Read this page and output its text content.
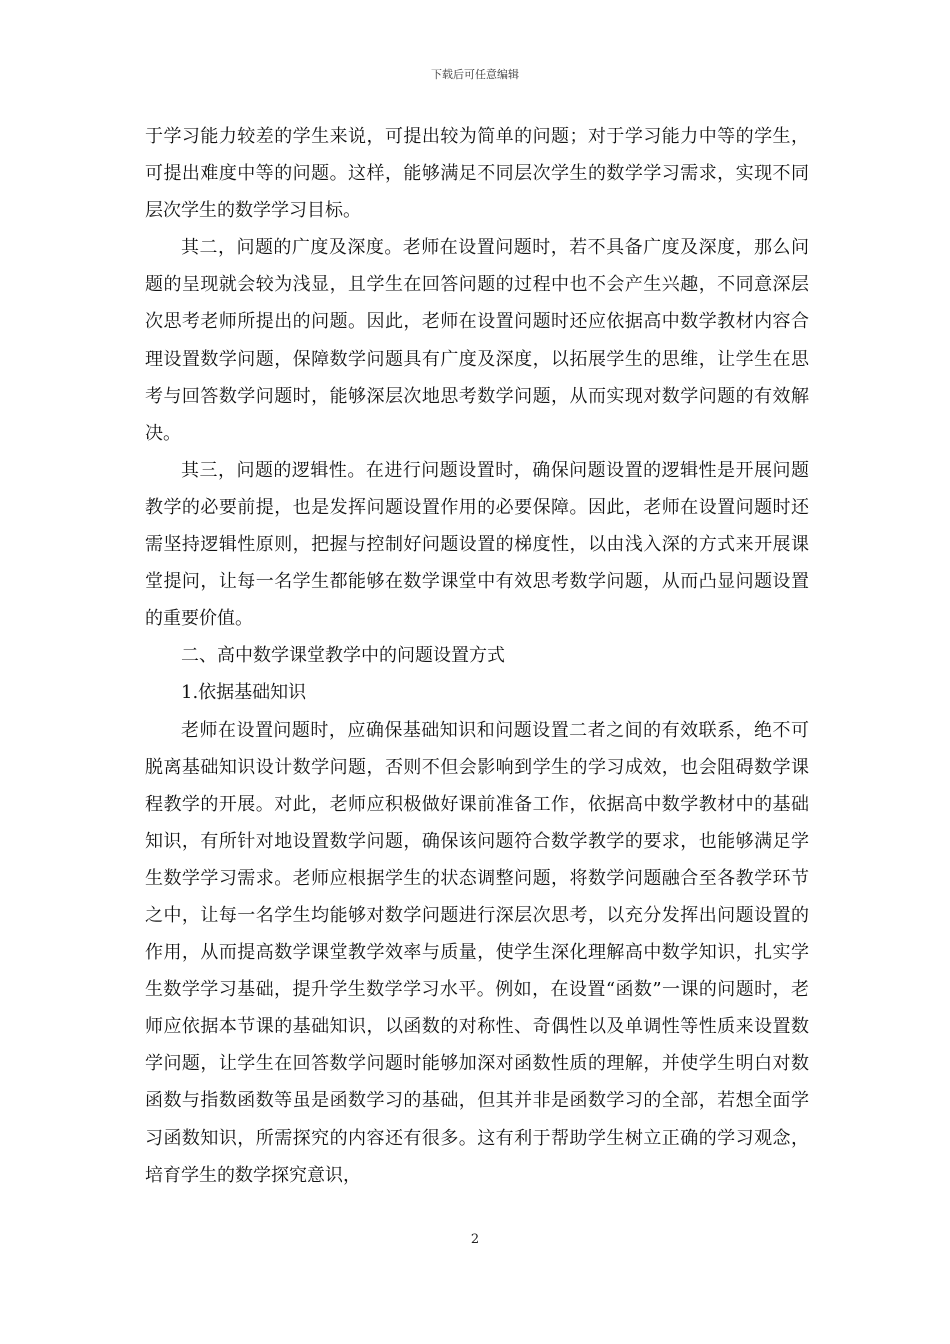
下载后可任意编辑

于学习能力较差的学生来说，可提出较为简单的问题；对于学习能力中等的学生，可提出难度中等的问题。这样，能够满足不同层次学生的数学学习需求，实现不同层次学生的数学学习目标。

其二，问题的广度及深度。老师在设置问题时，若不具备广度及深度，那么问题的呈现就会较为浅显，且学生在回答问题的过程中也不会产生兴趣，不同意深层次思考老师所提出的问题。因此，老师在设置问题时还应依据高中数学教材内容合理设置数学问题，保障数学问题具有广度及深度，以拓展学生的思维，让学生在思考与回答数学问题时，能够深层次地思考数学问题，从而实现对数学问题的有效解决。

其三，问题的逻辑性。在进行问题设置时，确保问题设置的逻辑性是开展问题教学的必要前提，也是发挥问题设置作用的必要保障。因此，老师在设置问题时还需坚持逻辑性原则，把握与控制好问题设置的梯度性，以由浅入深的方式来开展课堂提问，让每一名学生都能够在数学课堂中有效思考数学问题，从而凸显问题设置的重要价值。

二、高中数学课堂教学中的问题设置方式

1.依据基础知识

老师在设置问题时，应确保基础知识和问题设置二者之间的有效联系，绝不可脱离基础知识设计数学问题，否则不但会影响到学生的学习成效，也会阻碍数学课程教学的开展。对此，老师应积极做好课前准备工作，依据高中数学教材中的基础知识，有所针对地设置数学问题，确保该问题符合数学教学的要求，也能够满足学生数学学习需求。老师应根据学生的状态调整问题，将数学问题融合至各教学环节之中，让每一名学生均能够对数学问题进行深层次思考，以充分发挥出问题设置的作用，从而提高数学课堂教学效率与质量，使学生深化理解高中数学知识，扎实学生数学学习基础，提升学生数学学习水平。例如，在设置“函数”一课的问题时，老师应依据本节课的基础知识，以函数的对称性、奇偶性以及单调性等性质来设置数学问题，让学生在回答数学问题时能够加深对函数性质的理解，并使学生明白对数函数与指数函数等虽是函数学习的基础，但其并非是函数学习的全部，若想全面学习函数知识，所需探究的内容还有很多。这有利于帮助学生树立正确的学习观念，培育学生的数学探究意识，

2
